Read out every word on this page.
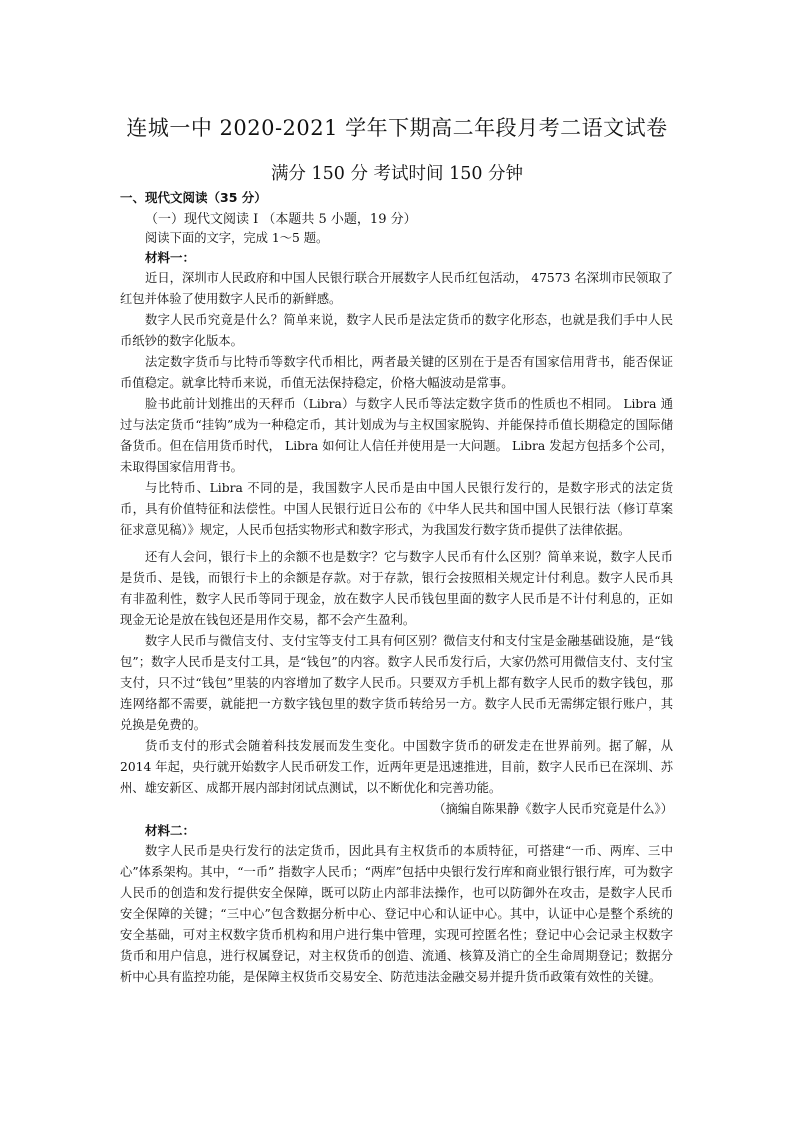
连城一中 2020-2021 学年下期高二年段月考二语文试卷
满分 150 分 考试时间 150 分钟
一、现代文阅读（35 分）
（一）现代文阅读 I （本题共 5 小题，19 分）

阅读下面的文字，完成 1～5 题。

材料一：

近日，深圳市人民政府和中国人民银行联合开展数字人民币红包活动， 47573 名深圳市民领取了红包并体验了使用数字人民币的新鲜感。

数字人民币究竟是什么？简单来说，数字人民币是法定货币的数字化形态，也就是我们手中人民币纸钞的数字化版本。

法定数字货币与比特币等数字代币相比，两者最关键的区别在于是否有国家信用背书，能否保证币值稳定。就拿比特币来说，币值无法保持稳定，价格大幅波动是常事。

脸书此前计划推出的天秤币（Libra）与数字人民币等法定数字货币的性质也不相同。 Libra 通过与法定货币“挂钩”成为一种稳定币，其计划成为与主权国家脱钩、并能保持币值长期稳定的国际储备货币。但在信用货币时代， Libra 如何让人信任并使用是一大问题。 Libra 发起方包括多个公司，未取得国家信用背书。

与比特币、Libra 不同的是，我国数字人民币是由中国人民银行发行的，是数字形式的法定货币，具有价值特征和法偿性。中国人民银行近日公布的《中华人民共和国中国人民银行法（修订草案征求意见稿）》规定，人民币包括实物形式和数字形式，为我国发行数字货币提供了法律依据。

还有人会问，银行卡上的余额不也是数字？它与数字人民币有什么区别？简单来说，数字人民币是货币、是钱，而银行卡上的余额是存款。对于存款，银行会按照相关规定计付利息。数字人民币具有非盈利性，数字人民币等同于现金，放在数字人民币钱包里面的数字人民币是不计付利息的，正如现金无论是放在钱包还是用作交易，都不会产生盈利。

数字人民币与微信支付、支付宝等支付工具有何区别？微信支付和支付宝是金融基础设施，是“钱包”；数字人民币是支付工具，是“钱包”的内容。数字人民币发行后，大家仍然可用微信支付、支付宝支付，只不过“钱包”里装的内容增加了数字人民币。只要双方手机上都有数字人民币的数字钱包，那连网络都不需要，就能把一方数字钱包里的数字货币转给另一方。数字人民币无需绑定银行账户，其兑换是免费的。

货币支付的形式会随着科技发展而发生变化。中国数字货币的研发走在世界前列。据了解，从 2014 年起，央行就开始数字人民币研发工作，近两年更是迅速推进，目前，数字人民币已在深圳、苏州、雄安新区、成都开展内部封闭试点测试，以不断优化和完善功能。

（摘编自陈果静《数字人民币究竟是什么》）

材料二：

数字人民币是央行发行的法定货币，因此具有主权货币的本质特征，可搭建“一币、两库、三中心”体系架构。其中，“一币” 指数字人民币；“两库”包括中央银行发行库和商业银行银行库，可为数字人民币的创造和发行提供安全保障，既可以防止内部非法操作，也可以防御外在攻击，是数字人民币安全保障的关键；“三中心”包含数据分析中心、登记中心和认证中心。其中，认证中心是整个系统的安全基础，可对主权数字货币机构和用户进行集中管理，实现可控匿名性；登记中心会记录主权数字货币和用户信息，进行权属登记，对主权货币的创造、流通、核算及消亡的全生命周期登记；数据分析中心具有监控功能，是保障主权货币交易安全、防范违法金融交易并提升货币政策有效性的关键。
